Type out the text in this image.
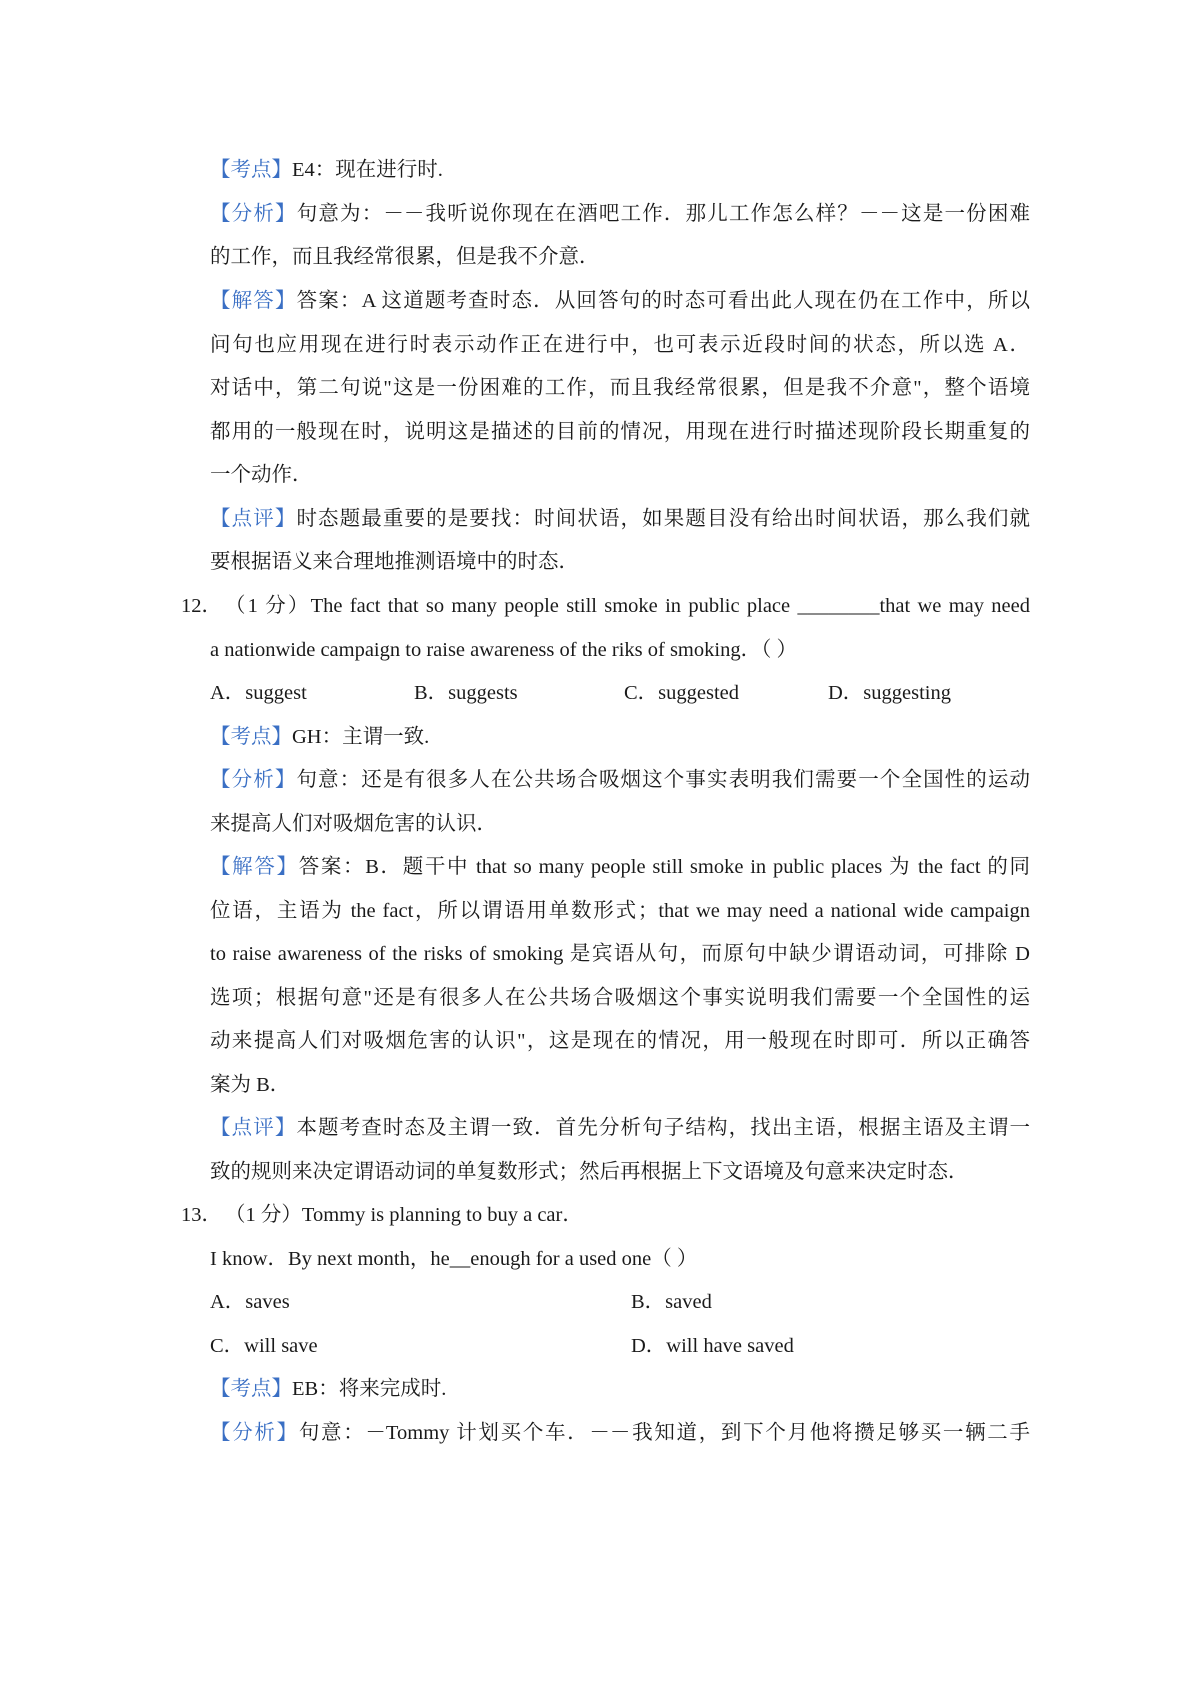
【考点】E4：现在进行时.
【分析】句意为：－－我听说你现在在酒吧工作．那儿工作怎么样？－－这是一份困难
的工作，而且我经常很累，但是我不介意．
【解答】答案：A 这道题考查时态．从回答句的时态可看出此人现在仍在工作中，所以
问句也应用现在进行时表示动作正在进行中，也可表示近段时间的状态，所以选 A．
对话中，第二句说"这是一份困难的工作，而且我经常很累，但是我不介意"，整个语境
都用的一般现在时，说明这是描述的目前的情况，用现在进行时描述现阶段长期重复的
一个动作．
【点评】时态题最重要的是要找：时间状语，如果题目没有给出时间状语，那么我们就
要根据语义来合理地推测语境中的时态．
12． （1 分）The fact that so many people still smoke in public place ________that we may need
a nationwide campaign to raise awareness of the riks of smoking．（ ）
A．suggest	B．suggests	C．suggested	D．suggesting
【考点】GH：主谓一致.
【分析】句意：还是有很多人在公共场合吸烟这个事实表明我们需要一个全国性的运动
来提高人们对吸烟危害的认识．
【解答】答案：B．题干中 that so many people still smoke in public places 为 the fact 的同
位语，主语为 the fact，所以谓语用单数形式；that we may need a national wide campaign
to raise awareness of the risks of smoking 是宾语从句，而原句中缺少谓语动词，可排除 D
选项；根据句意"还是有很多人在公共场合吸烟这个事实说明我们需要一个全国性的运
动来提高人们对吸烟危害的认识"，这是现在的情况，用一般现在时即可．所以正确答
案为 B．
【点评】本题考查时态及主谓一致．首先分析句子结构，找出主语，根据主语及主谓一
致的规则来决定谓语动词的单复数形式；然后再根据上下文语境及句意来决定时态．
13． （1 分）Tommy is planning to buy a car．
I know．By next month，he__enough for a used one（ ）
A．saves	B．saved
C．will save	D．will have saved
【考点】EB：将来完成时.
【分析】句意：－Tommy 计划买个车．－－我知道，到下个月他将攒足够买一辆二手
